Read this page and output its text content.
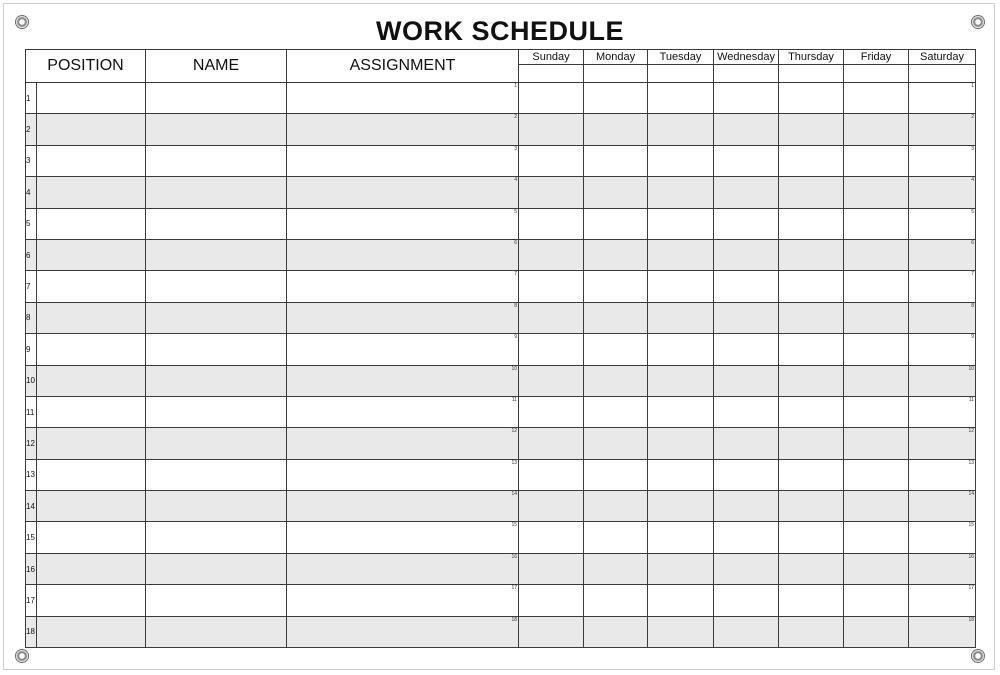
WORK SCHEDULE
POSITION		NAME	ASSIGNMENT	Sunday	Monday	Tuesday	Wednesday	Thursday	Friday	Saturday

1			1							1

2			2							2

3			3							3

4			4							4

5			5							5

6			6							6

7			7							7

8			8							8

9			9							9

10			10							10

11			11							11

12			12							12

13			13							13

14			14							14

15			15							15

16			16							16

17			17							17

18			18							18
